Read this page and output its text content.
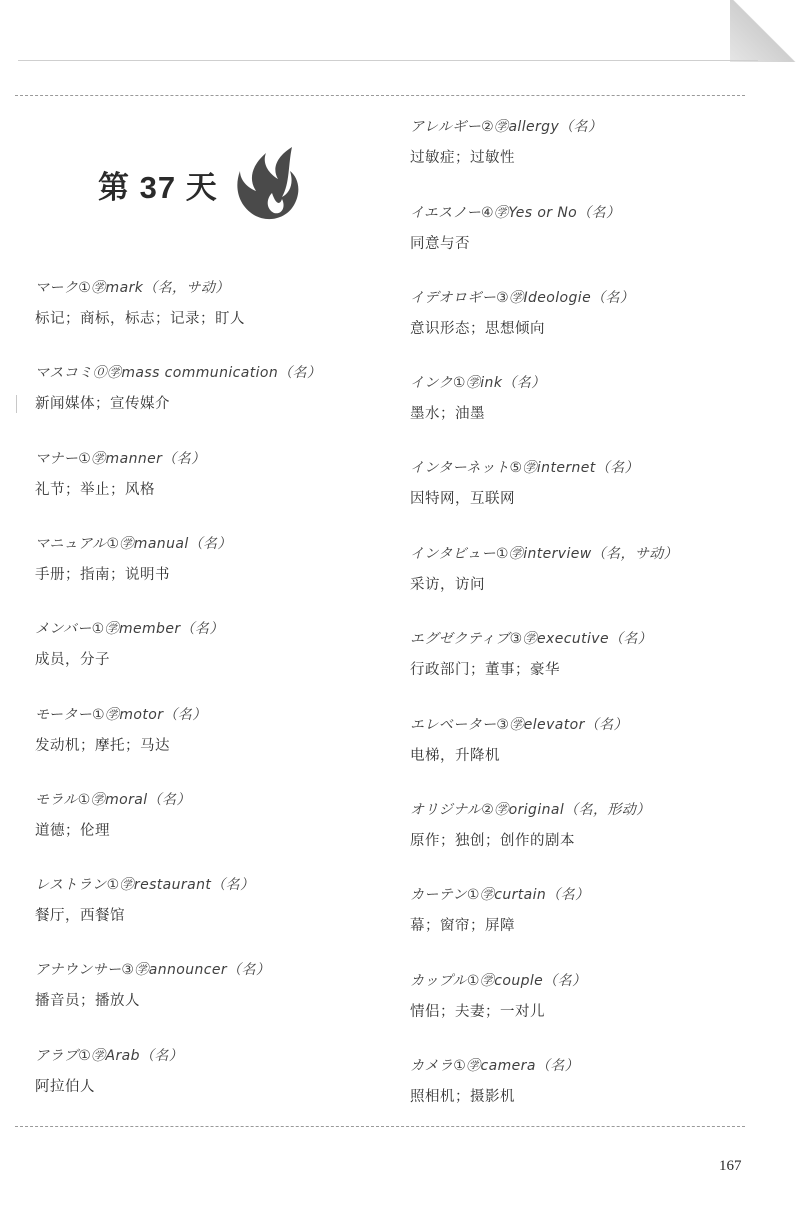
第 37 天
マーク①㊫mark（名，サ动）
标记；商标，标志；记录；盯人
マスコミ⓪㊫mass communication（名）
新闻媒体；宣传媒介
マナー①㊫manner（名）
礼节；举止；风格
マニュアル①㊫manual（名）
手册；指南；说明书
メンバー①㊫member（名）
成员，分子
モーター①㊫motor（名）
发动机；摩托；马达
モラル①㊫moral（名）
道德；伦理
レストラン①㊫restaurant（名）
餐厅，西餐馆
アナウンサー③㊫announcer（名）
播音员；播放人
アラブ①㊫Arab（名）
阿拉伯人
アレルギー②㊫allergy（名）
过敏症；过敏性
イエスノー④㊫Yes or No（名）
同意与否
イデオロギー③㊫Ideologie（名）
意识形态；思想倾向
インク①㊫ink（名）
墨水；油墨
インターネット⑤㊫internet（名）
因特网，互联网
インタビュー①㊫interview（名，サ动）
采访，访问
エグゼクティブ③㊫executive（名）
行政部门；董事；豪华
エレベーター③㊫elevator（名）
电梯，升降机
オリジナル②㊫original（名，形动）
原作；独创；创作的剧本
カーテン①㊫curtain（名）
幕；窗帘；屏障
カップル①㊫couple（名）
情侣；夫妻；一对儿
カメラ①㊫camera（名）
照相机；摄影机
167
